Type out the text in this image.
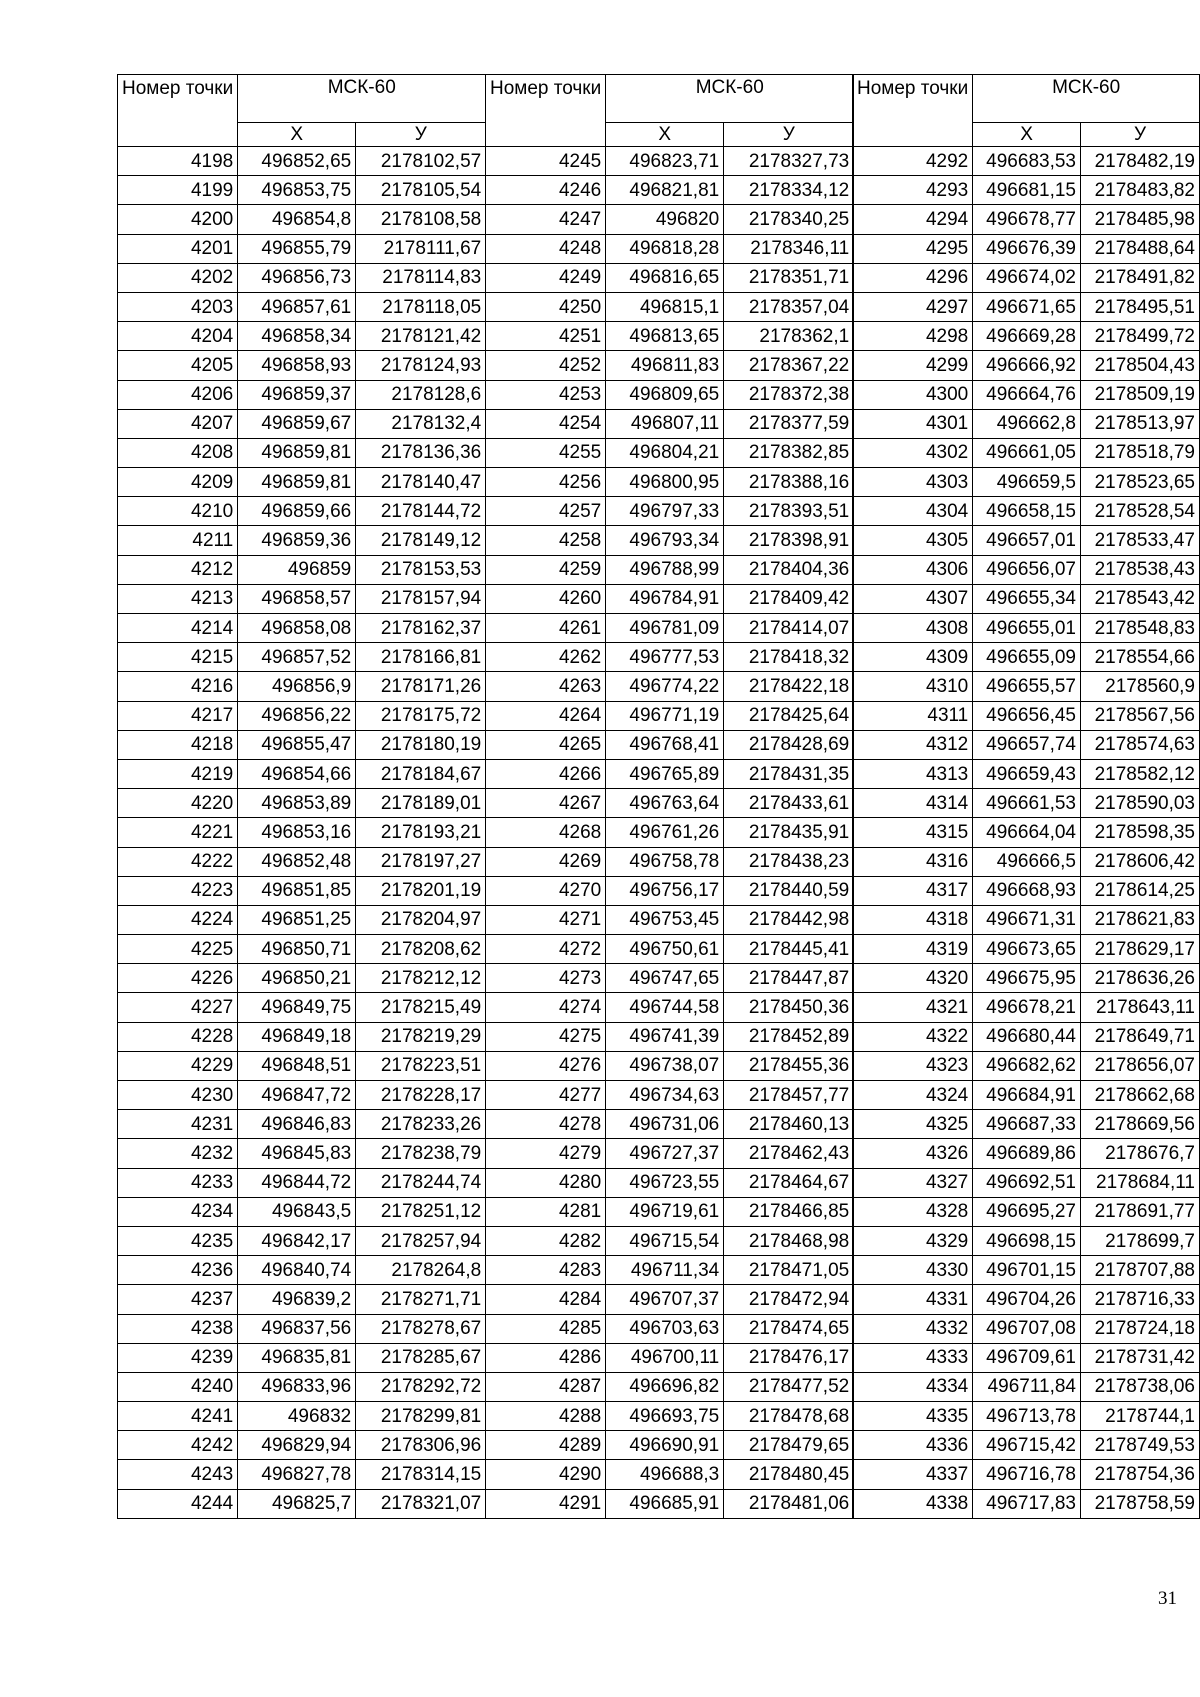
Номер точки	МСК-60	
	Х	У
4198	496852,65	2178102,57
4199	496853,75	2178105,54
4200	496854,8	2178108,58
4201	496855,79	2178111,67
4202	496856,73	2178114,83
4203	496857,61	2178118,05
4204	496858,34	2178121,42
4205	496858,93	2178124,93
4206	496859,37	2178128,6
4207	496859,67	2178132,4
4208	496859,81	2178136,36
4209	496859,81	2178140,47
4210	496859,66	2178144,72
4211	496859,36	2178149,12
4212	496859	2178153,53
4213	496858,57	2178157,94
4214	496858,08	2178162,37
4215	496857,52	2178166,81
4216	496856,9	2178171,26
4217	496856,22	2178175,72
4218	496855,47	2178180,19
4219	496854,66	2178184,67
4220	496853,89	2178189,01
4221	496853,16	2178193,21
4222	496852,48	2178197,27
4223	496851,85	2178201,19
4224	496851,25	2178204,97
4225	496850,71	2178208,62
4226	496850,21	2178212,12
4227	496849,75	2178215,49
4228	496849,18	2178219,29
4229	496848,51	2178223,51
4230	496847,72	2178228,17
4231	496846,83	2178233,26
4232	496845,83	2178238,79
4233	496844,72	2178244,74
4234	496843,5	2178251,12
4235	496842,17	2178257,94
4236	496840,74	2178264,8
4237	496839,2	2178271,71
4238	496837,56	2178278,67
4239	496835,81	2178285,67
4240	496833,96	2178292,72
4241	496832	2178299,81
4242	496829,94	2178306,96
4243	496827,78	2178314,15
4244	496825,7	2178321,07
Номер точки	МСК-60	
	Х	У
4245	496823,71	2178327,73
4246	496821,81	2178334,12
4247	496820	2178340,25
4248	496818,28	2178346,11
4249	496816,65	2178351,71
4250	496815,1	2178357,04
4251	496813,65	2178362,1
4252	496811,83	2178367,22
4253	496809,65	2178372,38
4254	496807,11	2178377,59
4255	496804,21	2178382,85
4256	496800,95	2178388,16
4257	496797,33	2178393,51
4258	496793,34	2178398,91
4259	496788,99	2178404,36
4260	496784,91	2178409,42
4261	496781,09	2178414,07
4262	496777,53	2178418,32
4263	496774,22	2178422,18
4264	496771,19	2178425,64
4265	496768,41	2178428,69
4266	496765,89	2178431,35
4267	496763,64	2178433,61
4268	496761,26	2178435,91
4269	496758,78	2178438,23
4270	496756,17	2178440,59
4271	496753,45	2178442,98
4272	496750,61	2178445,41
4273	496747,65	2178447,87
4274	496744,58	2178450,36
4275	496741,39	2178452,89
4276	496738,07	2178455,36
4277	496734,63	2178457,77
4278	496731,06	2178460,13
4279	496727,37	2178462,43
4280	496723,55	2178464,67
4281	496719,61	2178466,85
4282	496715,54	2178468,98
4283	496711,34	2178471,05
4284	496707,37	2178472,94
4285	496703,63	2178474,65
4286	496700,11	2178476,17
4287	496696,82	2178477,52
4288	496693,75	2178478,68
4289	496690,91	2178479,65
4290	496688,3	2178480,45
4291	496685,91	2178481,06
Номер точки	МСК-60	
	Х	У
4292	496683,53	2178482,19
4293	496681,15	2178483,82
4294	496678,77	2178485,98
4295	496676,39	2178488,64
4296	496674,02	2178491,82
4297	496671,65	2178495,51
4298	496669,28	2178499,72
4299	496666,92	2178504,43
4300	496664,76	2178509,19
4301	496662,8	2178513,97
4302	496661,05	2178518,79
4303	496659,5	2178523,65
4304	496658,15	2178528,54
4305	496657,01	2178533,47
4306	496656,07	2178538,43
4307	496655,34	2178543,42
4308	496655,01	2178548,83
4309	496655,09	2178554,66
4310	496655,57	2178560,9
4311	496656,45	2178567,56
4312	496657,74	2178574,63
4313	496659,43	2178582,12
4314	496661,53	2178590,03
4315	496664,04	2178598,35
4316	496666,5	2178606,42
4317	496668,93	2178614,25
4318	496671,31	2178621,83
4319	496673,65	2178629,17
4320	496675,95	2178636,26
4321	496678,21	2178643,11
4322	496680,44	2178649,71
4323	496682,62	2178656,07
4324	496684,91	2178662,68
4325	496687,33	2178669,56
4326	496689,86	2178676,7
4327	496692,51	2178684,11
4328	496695,27	2178691,77
4329	496698,15	2178699,7
4330	496701,15	2178707,88
4331	496704,26	2178716,33
4332	496707,08	2178724,18
4333	496709,61	2178731,42
4334	496711,84	2178738,06
4335	496713,78	2178744,1
4336	496715,42	2178749,53
4337	496716,78	2178754,36
4338	496717,83	2178758,59
31
